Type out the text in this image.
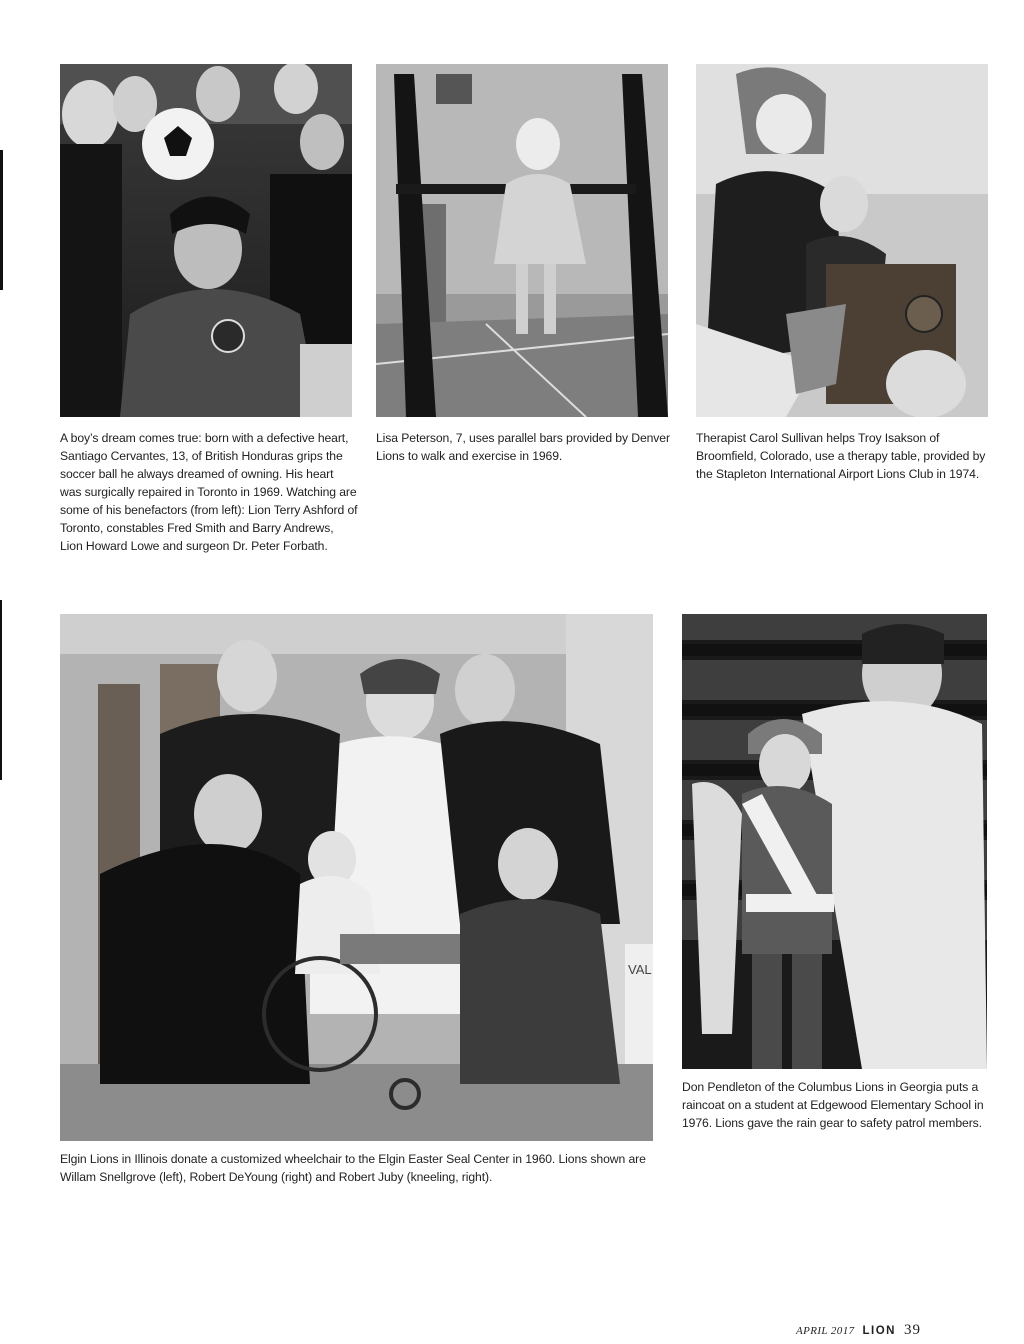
A boy’s dream comes true: born with a defective heart, Santiago Cervantes, 13, of British Honduras grips the soccer ball he always dreamed of owning. His heart was surgically repaired in Toronto in 1969. Watching are some of his benefactors (from left): Lion Terry Ashford of Toronto, constables Fred Smith and Barry Andrews, Lion Howard Lowe and surgeon Dr. Peter Forbath.
Lisa Peterson, 7, uses parallel bars provided by Denver Lions to walk and exercise in 1969.
Therapist Carol Sullivan helps Troy Isakson of Broomfield, Colorado, use a therapy table, provided by the Stapleton International Airport Lions Club in 1974.
VAL
Elgin Lions in Illinois donate a customized wheelchair to the Elgin Easter Seal Center in 1960. Lions shown are Willam Snellgrove (left), Robert DeYoung (right) and Robert Juby (kneeling, right).
Don Pendleton of the Columbus Lions in Georgia puts a raincoat on a student at Edgewood Elementary School in 1976. Lions gave the rain gear to safety patrol members.
APRIL 2017 LION 39
